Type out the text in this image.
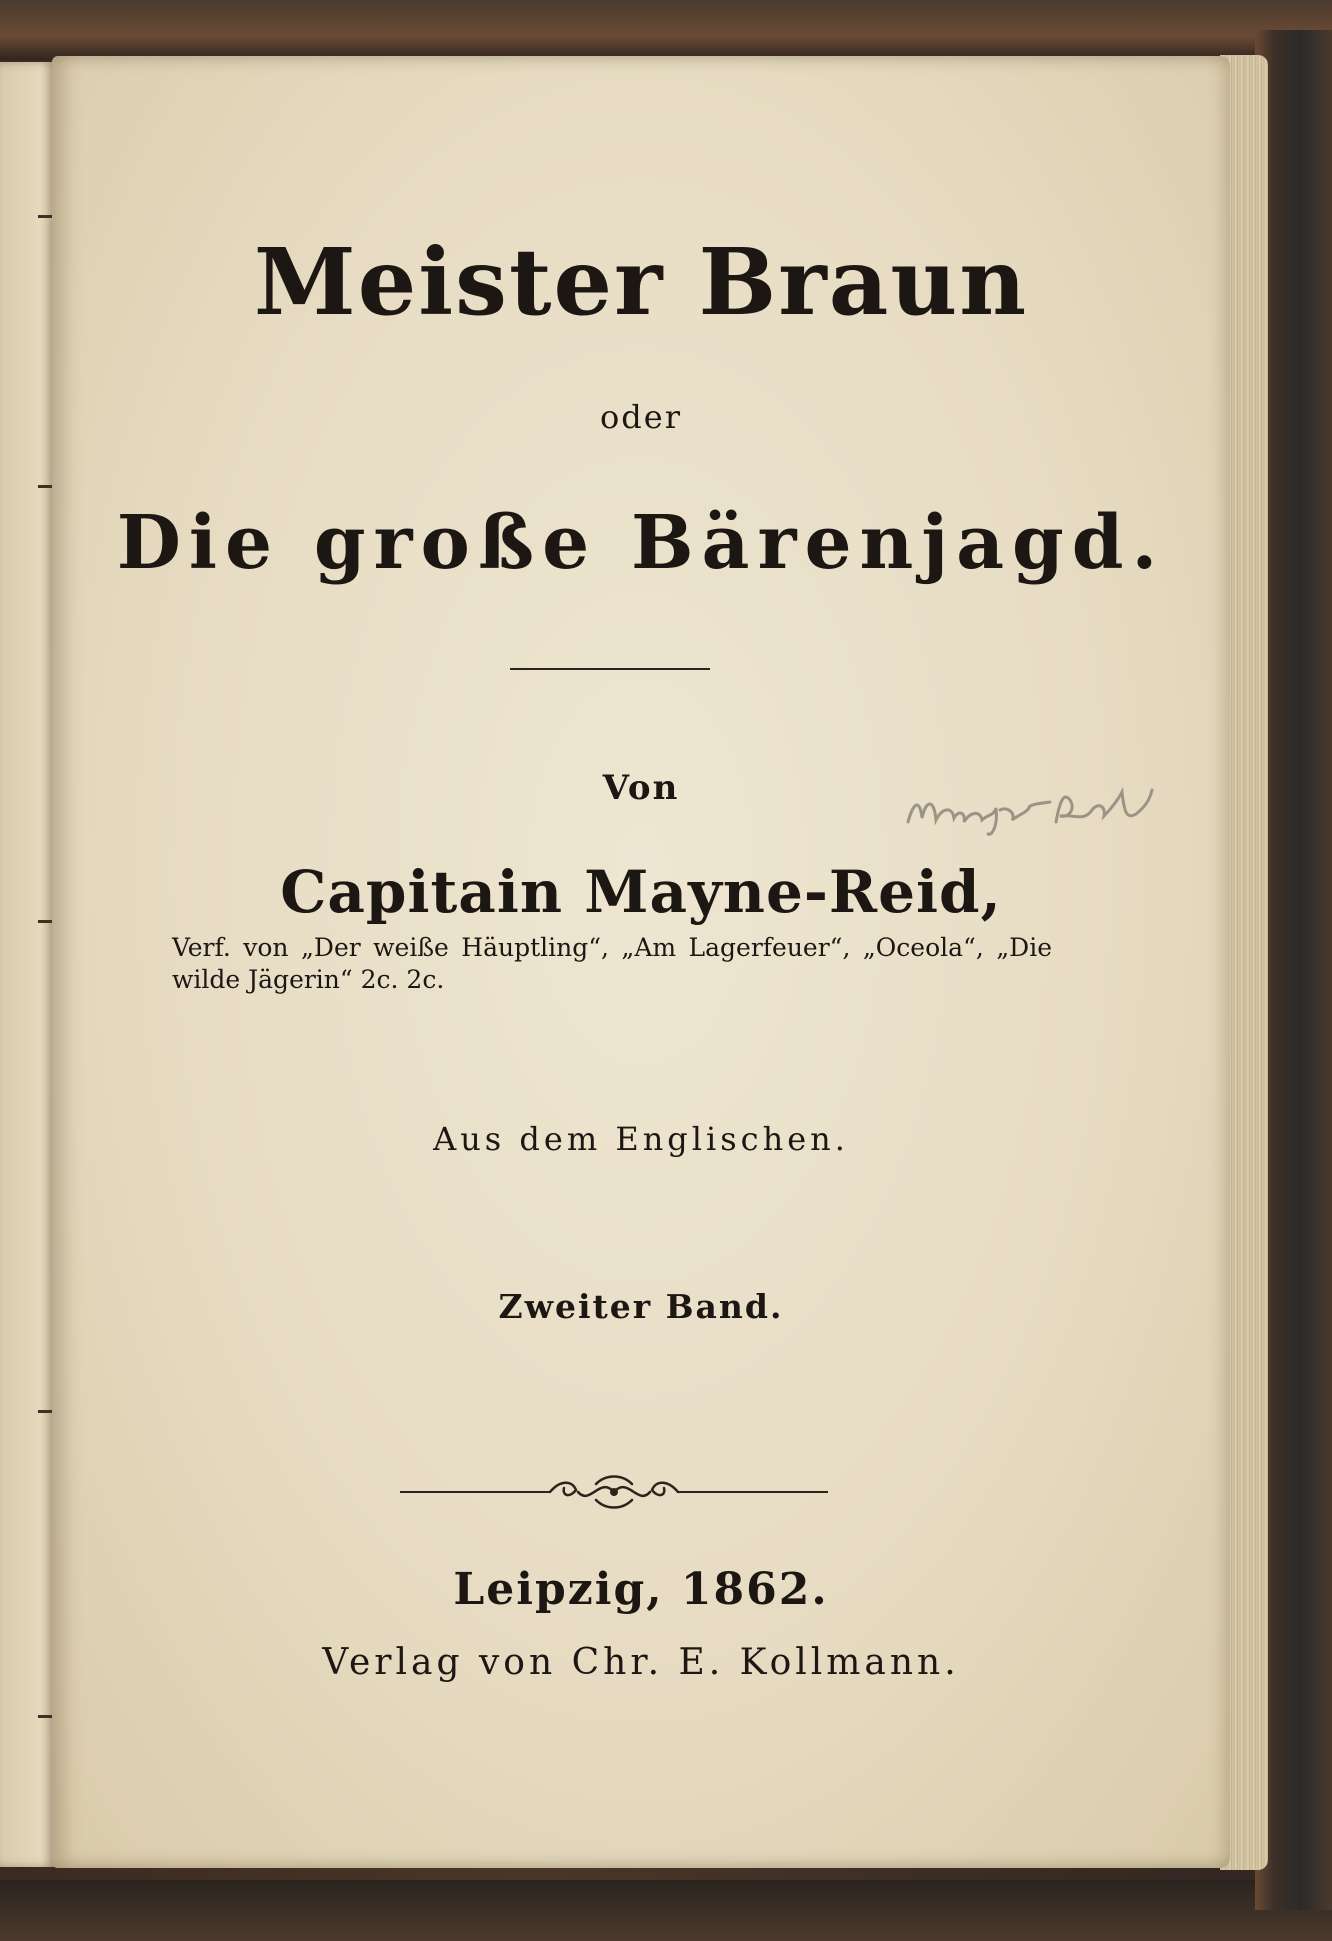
Meister Braun

oder

Die große Bärenjagd.

Von

Capitain Mayne-Reid,

Verf. von „Der weiße Häuptling“, „Am Lagerfeuer“, „Oceola“, „Die wilde Jägerin“ 2c. 2c.

Mayne-Reid

Aus dem Englischen.

Zweiter Band.

Leipzig, 1862.

Verlag von Chr. E. Kollmann.
